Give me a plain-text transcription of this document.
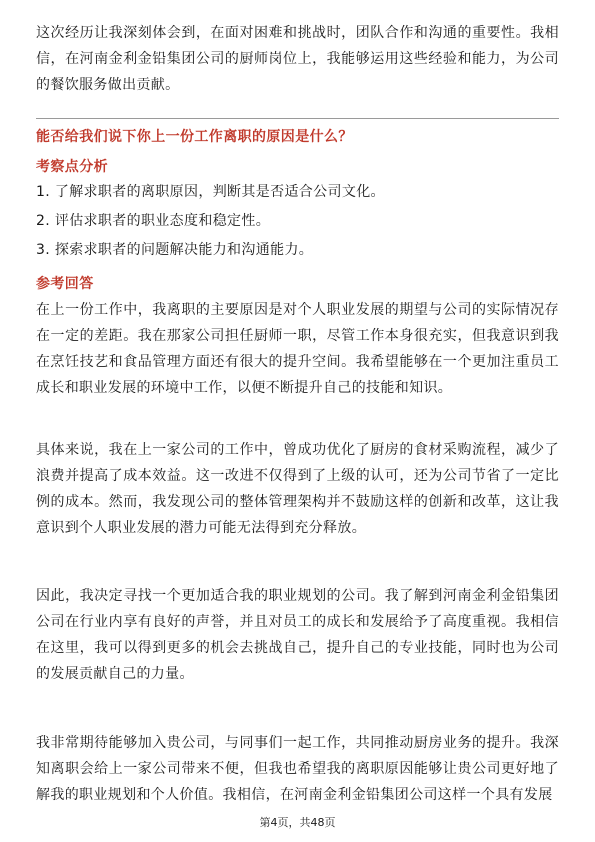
这次经历让我深刻体会到，在面对困难和挑战时，团队合作和沟通的重要性。我相信，在河南金利金铅集团公司的厨师岗位上，我能够运用这些经验和能力，为公司的餐饮服务做出贡献。

能否给我们说下你上一份工作离职的原因是什么？
考察点分析
1. 了解求职者的离职原因，判断其是否适合公司文化。
2. 评估求职者的职业态度和稳定性。
3. 探索求职者的问题解决能力和沟通能力。
参考回答

在上一份工作中，我离职的主要原因是对个人职业发展的期望与公司的实际情况存在一定的差距。我在那家公司担任厨师一职，尽管工作本身很充实，但我意识到我在烹饪技艺和食品管理方面还有很大的提升空间。我希望能够在一个更加注重员工成长和职业发展的环境中工作，以便不断提升自己的技能和知识。

具体来说，我在上一家公司的工作中，曾成功优化了厨房的食材采购流程，减少了浪费并提高了成本效益。这一改进不仅得到了上级的认可，还为公司节省了一定比例的成本。然而，我发现公司的整体管理架构并不鼓励这样的创新和改革，这让我意识到个人职业发展的潜力可能无法得到充分释放。

因此，我决定寻找一个更加适合我的职业规划的公司。我了解到河南金利金铅集团公司在行业内享有良好的声誉，并且对员工的成长和发展给予了高度重视。我相信在这里，我可以得到更多的机会去挑战自己，提升自己的专业技能，同时也为公司的发展贡献自己的力量。

我非常期待能够加入贵公司，与同事们一起工作，共同推动厨房业务的提升。我深知离职会给上一家公司带来不便，但我也希望我的离职原因能够让贵公司更好地了解我的职业规划和个人价值。我相信，在河南金利金铅集团公司这样一个具有发展

第4页，共48页
